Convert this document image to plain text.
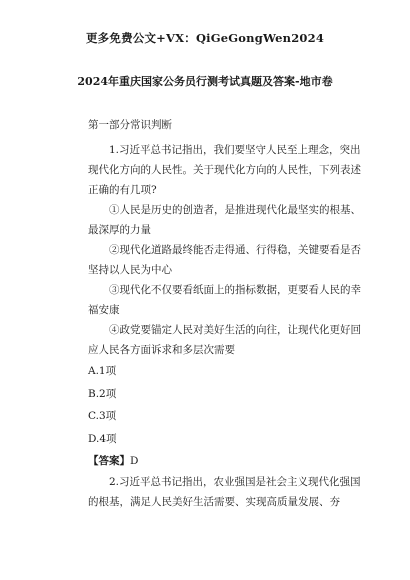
更多免费公文+VX：QiGeGongWen2024
2024年重庆国家公务员行测考试真题及答案-地市卷
第一部分常识判断

1.习近平总书记指出，我们要坚守人民至上理念，突出现代化方向的人民性。关于现代化方向的人民性，下列表述正确的有几项?

①人民是历史的创造者，是推进现代化最坚实的根基、最深厚的力量

②现代化道路最终能否走得通、行得稳，关键要看是否坚持以人民为中心

③现代化不仅要看纸面上的指标数据，更要看人民的幸福安康

④政党要锚定人民对美好生活的向往，让现代化更好回应人民各方面诉求和多层次需要

A.1项

B.2项

C.3项

D.4项

【答案】D

2.习近平总书记指出，农业强国是社会主义现代化强国的根基，满足人民美好生活需要、实现高质量发展、夯
